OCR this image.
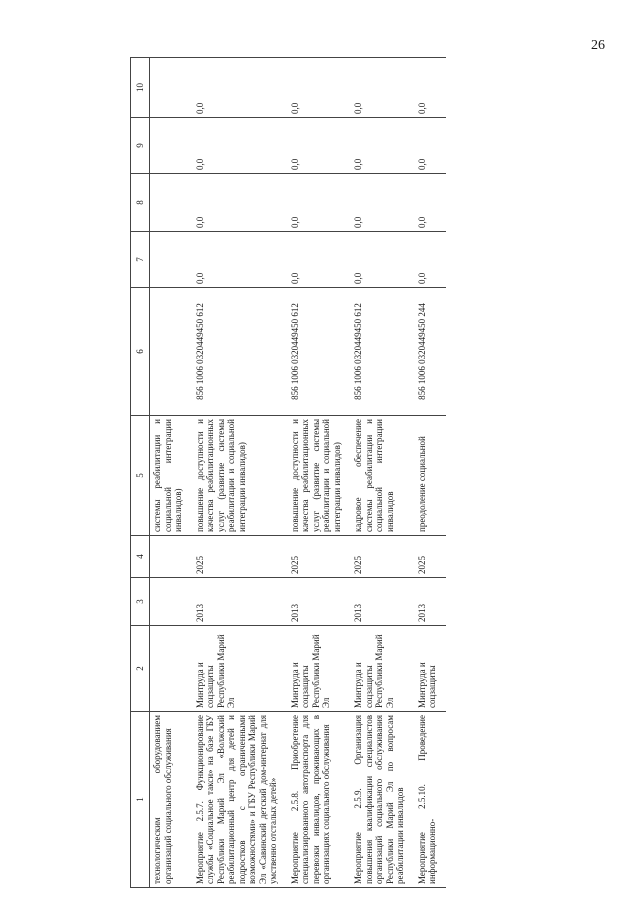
26
1	2	3	4	5	6	7	8	9	10
технологическим оборудованием организаций социального обслуживания				системы реабилитации и социальной интеграции инвалидов)					
Мероприятие 2.5.7. Функционирование службы «Социальное такси» на базе ГБУ Республики Марий Эл «Волжский реабилитационный центр для детей и подростков с ограниченными возможностями» и ГБУ Республики Марий Эл «Савинский детский дом-интернат для умственно отсталых детей»	Минтруда и соцзащиты Республики Марий Эл	2013	2025	повышение доступности и качества реабилитационных услуг (развитие системы реабилитации и социальной интеграции инвалидов)	856 1006 0320449450 612	0,0	0,0	0,0	0,0
Мероприятие 2.5.8. Приобретение специализированного автотранспорта для перевозки инвалидов, проживающих в организациях социального обслуживания	Минтруда и соцзащиты Республики Марий Эл	2013	2025	повышение доступности и качества реабилитационных услуг (развитие системы реабилитации и социальной интеграции инвалидов)	856 1006 0320449450 612	0,0	0,0	0,0	0,0
Мероприятие 2.5.9. Организация повышения квалификации специалистов организаций социального обслуживания Республики Марий Эл по вопросам реабилитации инвалидов	Минтруда и соцзащиты Республики Марий Эл	2013	2025	кадровое обеспечение системы реабилитации и социальной интеграции инвалидов	856 1006 0320449450 612	0,0	0,0	0,0	0,0
Мероприятие 2.5.10. Проведение информационно-	Минтруда и соцзащиты	2013	2025	преодоление социальной	856 1006 0320449450 244	0,0	0,0	0,0	0,0
